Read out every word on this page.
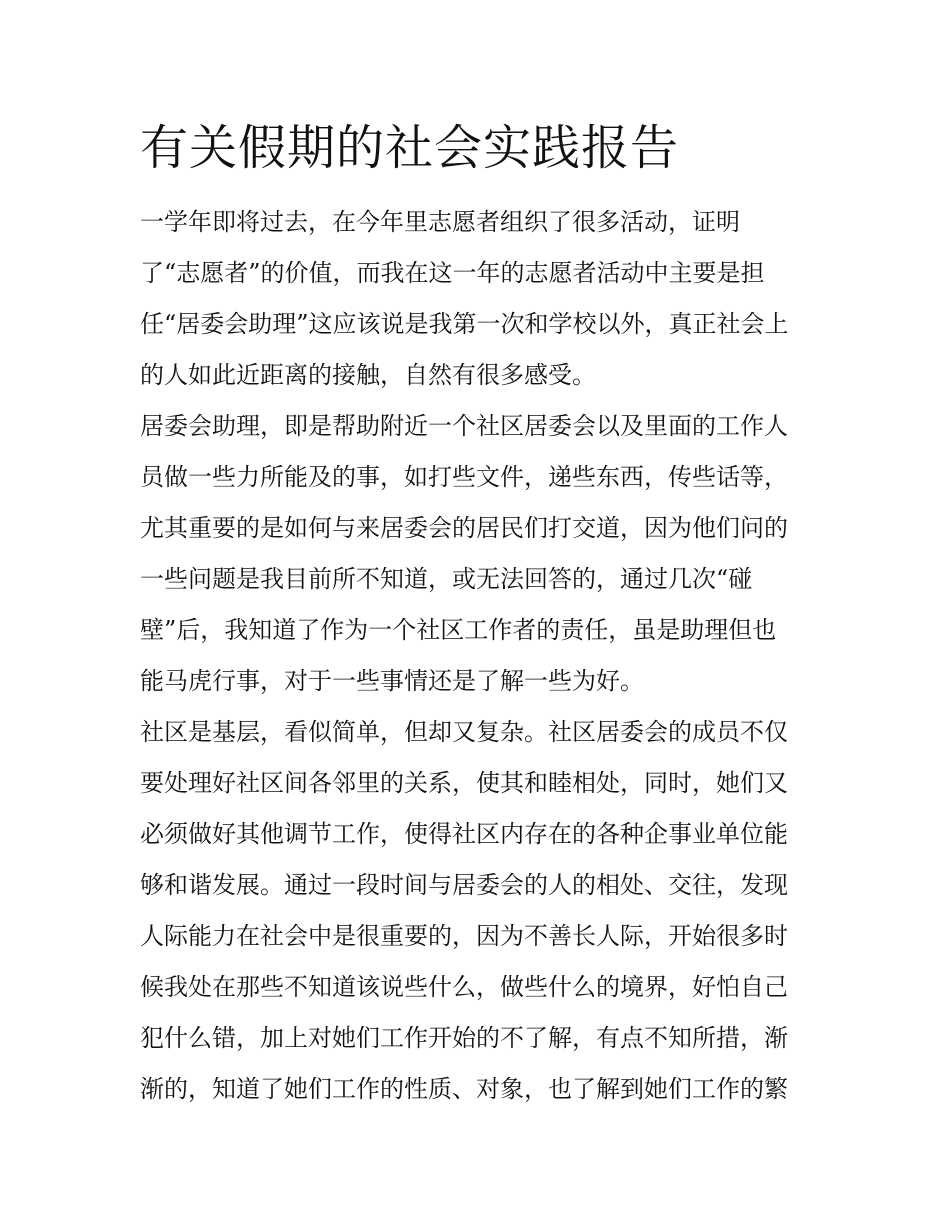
有关假期的社会实践报告
一学年即将过去，在今年里志愿者组织了很多活动，证明
了“志愿者”的价值，而我在这一年的志愿者活动中主要是担
任“居委会助理”这应该说是我第一次和学校以外，真正社会上
的人如此近距离的接触，自然有很多感受。
居委会助理，即是帮助附近一个社区居委会以及里面的工作人
员做一些力所能及的事，如打些文件，递些东西，传些话等，
尤其重要的是如何与来居委会的居民们打交道，因为他们问的
一些问题是我目前所不知道，或无法回答的，通过几次“碰
壁”后，我知道了作为一个社区工作者的责任，虽是助理但也
能马虎行事，对于一些事情还是了解一些为好。
社区是基层，看似简单，但却又复杂。社区居委会的成员不仅
要处理好社区间各邻里的关系，使其和睦相处，同时，她们又
必须做好其他调节工作，使得社区内存在的各种企事业单位能
够和谐发展。通过一段时间与居委会的人的相处、交往，发现
人际能力在社会中是很重要的，因为不善长人际，开始很多时
候我处在那些不知道该说些什么，做些什么的境界，好怕自己
犯什么错，加上对她们工作开始的不了解，有点不知所措，渐
渐的，知道了她们工作的性质、对象，也了解到她们工作的繁
